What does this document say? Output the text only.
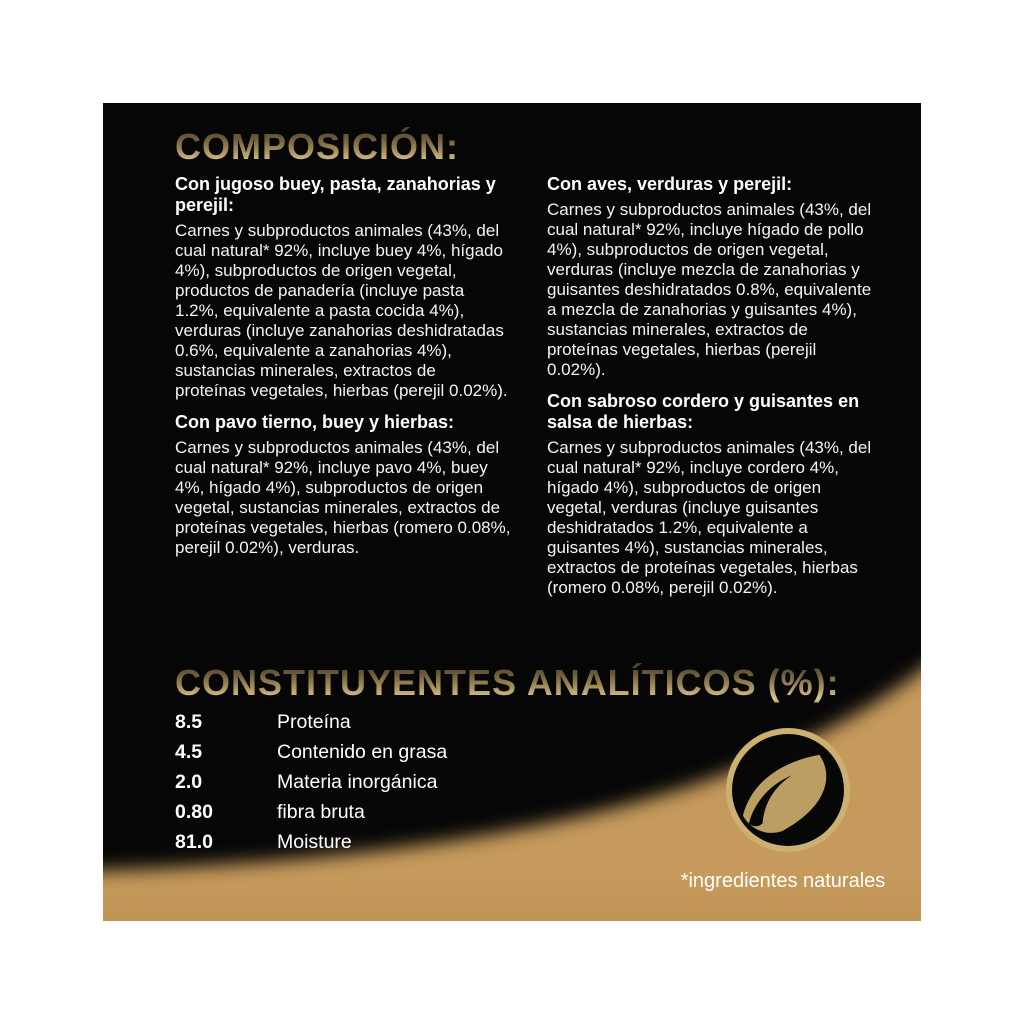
COMPOSICIÓN:
Con jugoso buey, pasta, zanahorias y perejil:

Carnes y subproductos animales (43%, del cual natural* 92%, incluye buey 4%, hígado 4%), subproductos de origen vegetal, productos de panadería (incluye pasta 1.2%, equivalente a pasta cocida 4%), verduras (incluye zanahorias deshidratadas 0.6%, equivalente a zanahorias 4%), sustancias minerales, extractos de proteínas vegetales, hierbas (perejil 0.02%).

Con pavo tierno, buey y hierbas:

Carnes y subproductos animales (43%, del cual natural* 92%, incluye pavo 4%, buey 4%, hígado 4%), subproductos de origen vegetal, sustancias minerales, extractos de proteínas vegetales, hierbas (romero 0.08%, perejil 0.02%), verduras.

Con aves, verduras y perejil:

Carnes y subproductos animales (43%, del cual natural* 92%, incluye hígado de pollo 4%), subproductos de origen vegetal, verduras (incluye mezcla de zanahorias y guisantes deshidratados 0.8%, equivalente a mezcla de zanahorias y guisantes 4%), sustancias minerales, extractos de proteínas vegetales, hierbas (perejil 0.02%).

Con sabroso cordero y guisantes en salsa de hierbas:

Carnes y subproductos animales (43%, del cual natural* 92%, incluye cordero 4%, hígado 4%), subproductos de origen vegetal, verduras (incluye guisantes deshidratados 1.2%, equivalente a guisantes 4%), sustancias minerales, extractos de proteínas vegetales, hierbas (romero 0.08%, perejil 0.02%).

CONSTITUYENTES ANALÍTICOS (%):
8.5	Proteína
4.5	Contenido en grasa
2.0	Materia inorgánica
0.80	fibra bruta
81.0	Moisture
*ingredientes naturales
